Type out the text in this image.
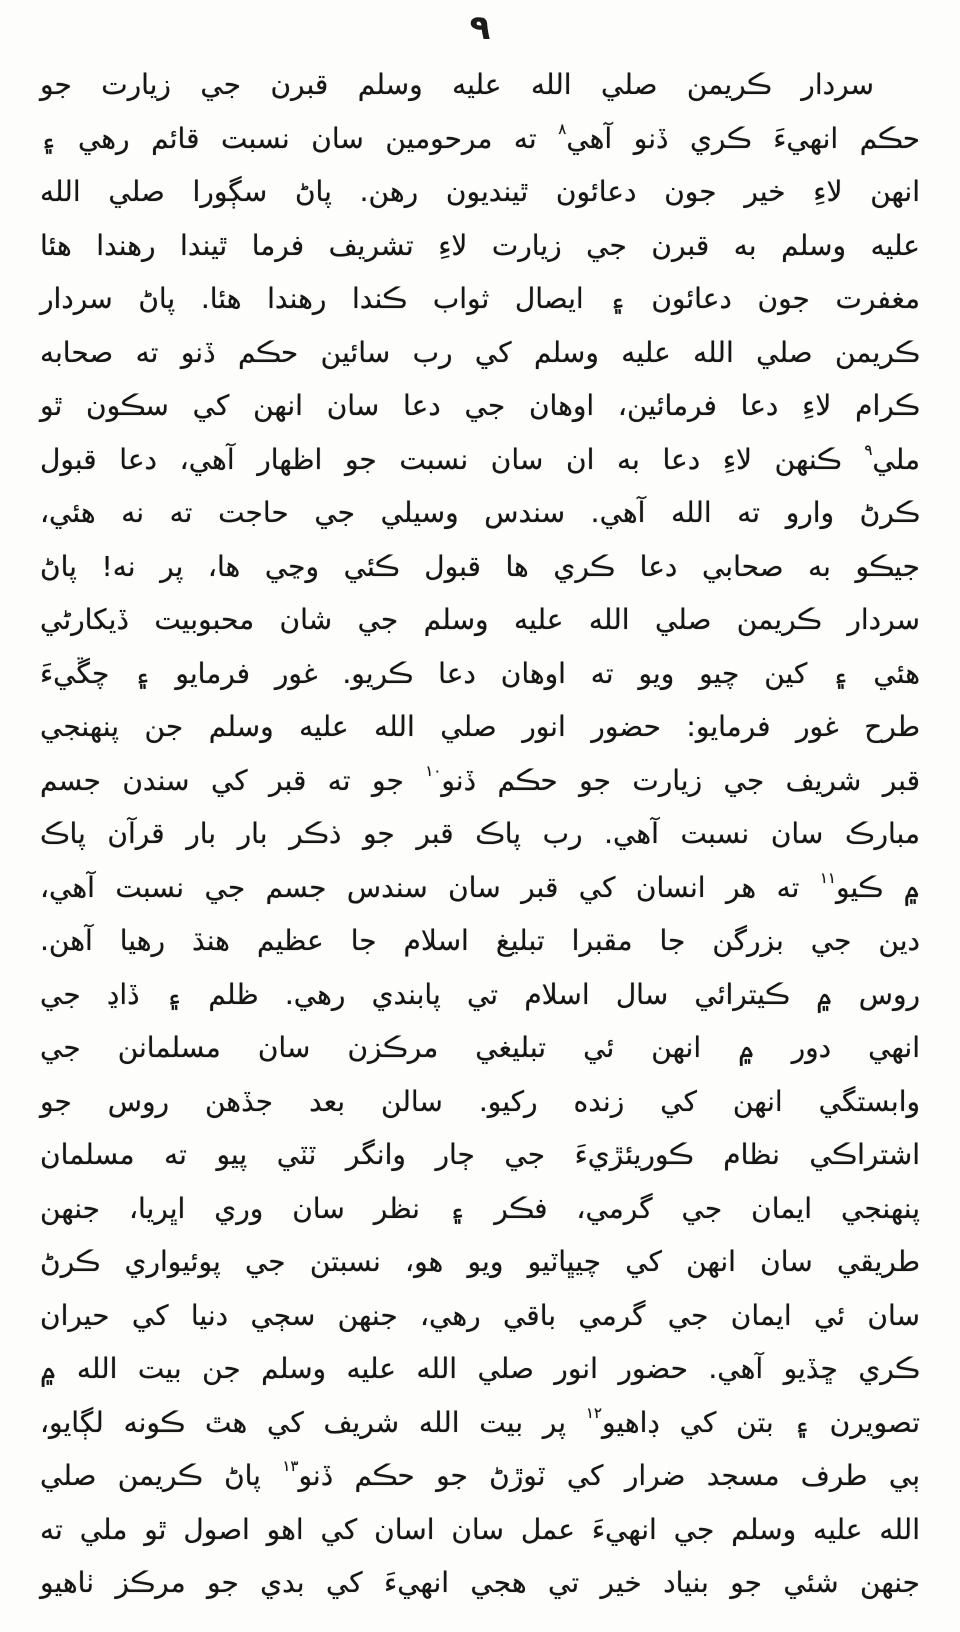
٩
سردار ڪريمن صلي الله عليه وسلم قبرن جي زيارت جو
حڪم انهيءَ ڪري ڏنو آهي$^٨$ ته مرحومين سان نسبت قائم رهي ۽
انهن لاءِ خير جون دعائون ٿينديون رهن. پاڻ سڳورا صلي الله
عليه وسلم به قبرن جي زيارت لاءِ تشريف فرما ٿيندا رهندا هئا
مغفرت جون دعائون ۽ ايصال ثواب ڪندا رهندا هئا. پاڻ سردار
ڪريمن صلي الله عليه وسلم کي رب سائين حڪم ڏنو ته صحابه
ڪرام لاءِ دعا فرمائين، اوهان جي دعا سان انهن کي سڪون ٿو
ملي$^٩$ ڪنهن لاءِ دعا به ان سان نسبت جو اظهار آهي، دعا قبول
ڪرڻ وارو ته الله آهي. سندس وسيلي جي حاجت ته نه هئي،
جيڪو به صحابي دعا ڪري ها قبول ڪئي وڃي ها، پر نه! پاڻ
سردار ڪريمن صلي الله عليه وسلم جي شان محبوبيت ڏيکارڻي
هئي ۽ کين چيو ويو ته اوهان دعا ڪريو. غور فرمايو ۽ چڱيءَ
طرح غور فرمايو: حضور انور صلي الله عليه وسلم جن پنهنجي
قبر شريف جي زيارت جو حڪم ڏنو$^{١٠}$ جو ته قبر کي سندن جسم
مبارڪ سان نسبت آهي. رب پاڪ قبر جو ذڪر بار بار قرآن پاڪ
۾ ڪيو$^{١١}$ ته هر انسان کي قبر سان سندس جسم جي نسبت آهي،
دين جي بزرگن جا مقبرا تبليغ اسلام جا عظيم هنڌ رهيا آهن.
روس ۾ ڪيترائي سال اسلام تي پابندي رهي. ظلم ۽ ڏاڍ جي
انهي دور ۾ انهن ئي تبليغي مرڪزن سان مسلمانن جي
وابستگي انهن کي زنده رکيو. سالن بعد جڏهن روس جو
اشتراڪي نظام ڪوريئڙيءَ جي ڄار وانگر ٽٽي پيو ته مسلمان
پنهنجي ايمان جي گرمي، فڪر ۽ نظر سان وري اڀريا، جنهن
طريقي سان انهن کي چيڀاٽيو ويو هو، نسبتن جي پوئيواري ڪرڻ
سان ئي ايمان جي گرمي باقي رهي، جنهن سڄي دنيا کي حيران
ڪري ڇڏيو آهي. حضور انور صلي الله عليه وسلم جن بيت الله ۾
تصويرن ۽ بتن کي ڊاهيو$^{١٢}$ پر بيت الله شريف کي هٿ ڪونه لڳايو،
ٻي طرف مسجد ضرار کي ٽوڙڻ جو حڪم ڏنو$^{١٣}$ پاڻ ڪريمن صلي
الله عليه وسلم جي انهيءَ عمل سان اسان کي اهو اصول ٿو ملي ته
جنهن شئي جو بنياد خير تي هجي انهيءَ کي بدي جو مرڪز ٺاهيو
